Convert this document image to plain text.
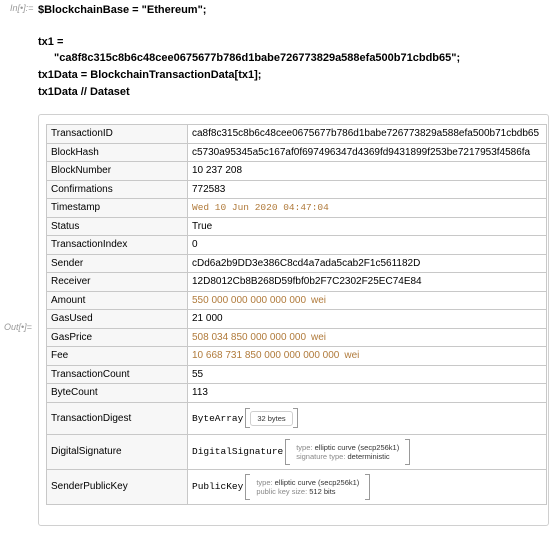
In[•]:= $BlockchainBase = "Ethereum";
tx1 =
"ca8f8c315c8b6c48cee0675677b786d1babe726773829a588efa500b71cbdb65";
tx1Data = BlockchainTransactionData[tx1];
tx1Data // Dataset
Out[•]=
TransactionID	ca8f8c315c8b6c48cee0675677b786d1babe726773829a588efa500b71cbdb65
BlockHash	c5730a95345a5c167af0f697496347d4369fd9431899f253be7217953f4586fa
BlockNumber	10 237 208
Confirmations	772583
Timestamp	Wed 10 Jun 2020 04:47:04
Status	True
TransactionIndex	0
Sender	cDd6a2b9DD3e386C8cd4a7ada5cab2F1c561182D
Receiver	12D8012Cb8B268D59fbf0b2F7C2302F25EC74E84
Amount	550 000 000 000 000 000 wei
GasUsed	21 000
GasPrice	508 034 850 000 000 000 wei
Fee	10 668 731 850 000 000 000 000 wei
TransactionCount	55
ByteCount	113
TransactionDigest	ByteArray 32 bytes

DigitalSignature	DigitalSignature type: elliptic curve (secp256k1)
signature type: deterministic

SenderPublicKey	PublicKey type: elliptic curve (secp256k1)
public key size: 512 bits
